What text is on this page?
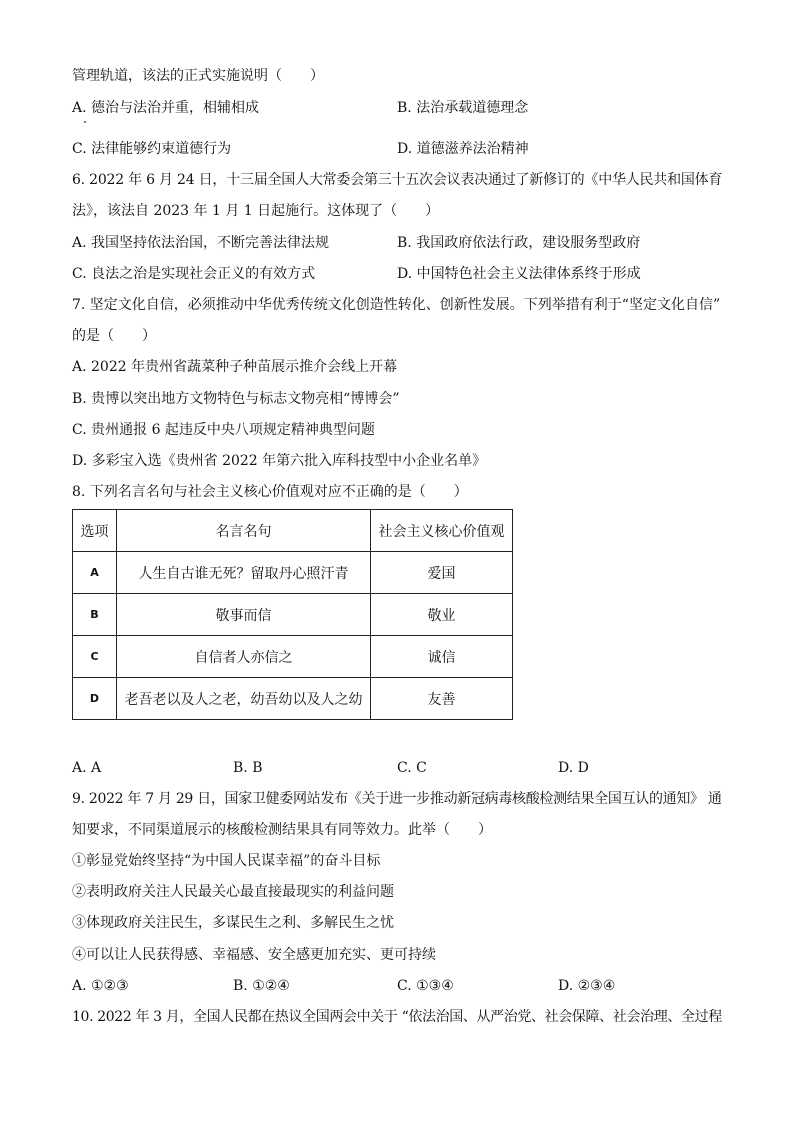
管理轨道，该法的正式实施说明（　　）
A. 德治与法治并重，相辅相成	B. 法治承载道德理念
C. 法律能够约束道德行为	D. 道德滋养法治精神
6. 2022 年 6 月 24 日，十三届全国人大常委会第三十五次会议表决通过了新修订的《中华人民共和国体育
法》，该法自 2023 年 1 月 1 日起施行。这体现了（　　）
A. 我国坚持依法治国，不断完善法律法规	B. 我国政府依法行政，建设服务型政府
C. 良法之治是实现社会正义的有效方式	D. 中国特色社会主义法律体系终于形成
7. 坚定文化自信，必须推动中华优秀传统文化创造性转化、创新性发展。下列举措有利于“坚定文化自信”
的是（　　）
A. 2022 年贵州省蔬菜种子种苗展示推介会线上开幕
B. 贵博以突出地方文物特色与标志文物亮相“博博会”
C. 贵州通报 6 起违反中央八项规定精神典型问题
D. 多彩宝入选《贵州省 2022 年第六批入库科技型中小企业名单》
8. 下列名言名句与社会主义核心价值观对应不正确的是（　　）
选项	名言名句	社会主义核心价值观
A	人生自古谁无死？留取丹心照汗青	爱国
B	敬事而信	敬业
C	自信者人亦信之	诚信
D	老吾老以及人之老，幼吾幼以及人之幼	友善
A. A	B. B	C. C	D. D
9. 2022 年 7 月 29 日，国家卫健委网站发布《关于进一步推动新冠病毒核酸检测结果全国互认的通知》 通
知要求，不同渠道展示的核酸检测结果具有同等效力。此举（　　）
①彰显党始终坚持“为中国人民谋幸福”的奋斗目标
②表明政府关注人民最关心最直接最现实的利益问题
③体现政府关注民生，多谋民生之利、多解民生之忧
④可以让人民获得感、幸福感、安全感更加充实、更可持续
A. ①②③	B. ①②④	C. ①③④	D. ②③④
10. 2022 年 3 月，全国人民都在热议全国两会中关于 “依法治国、从严治党、社会保障、社会治理、全过程
